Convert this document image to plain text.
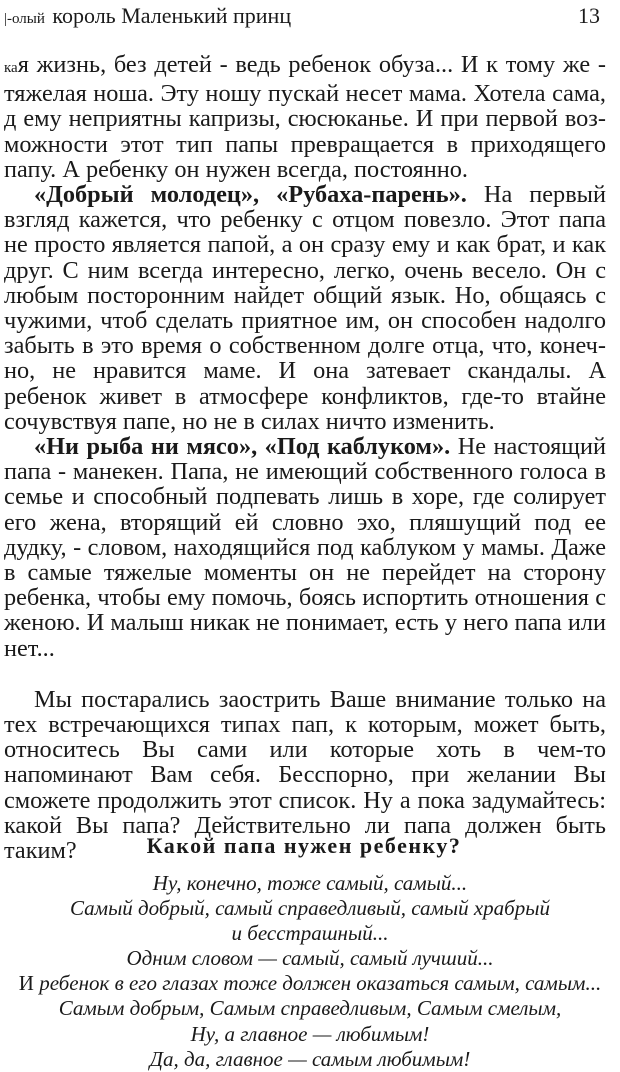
|-олый король Маленький принц	13

кая жизнь, без детей - ведь ребенок обуза... И к тому же - тяжелая ноша. Эту ношу пускай несет мама. Хотела сама, д ему неприятны капризы, сюсюканье. И при первой возможности этот тип папы превращается в приходящего папу. А ребенку он нужен всегда, постоянно.

«Добрый молодец», «Рубаха-парень». На первый взгляд кажется, что ребенку с отцом повезло. Этот папа не просто является папой, а он сразу ему и как брат, и как друг. С ним всегда интересно, легко, очень весело. Он с любым посторонним найдет общий язык. Но, общаясь с чужими, чтоб сделать приятное им, он способен надолго забыть в это время о собственном долге отца, что, конечно, не нравится маме. И она затевает скандалы. А ребенок живет в атмосфере конфликтов, где-то втайне сочувствуя папе, но не в силах ничто изменить.

«Ни рыба ни мясо», «Под каблуком». Не настоящий папа - манекен. Папа, не имеющий собственного голоса в семье и способный подпевать лишь в хоре, где солирует его жена, вторящий ей словно эхо, пляшущий под ее дудку, - словом, находящийся под каблуком у мамы. Даже в самые тяжелые моменты он не перейдет на сторону ребенка, чтобы ему помочь, боясь испортить отношения с женою. И малыш никак не понимает, есть у него папа или нет...

Мы постарались заострить Ваше внимание только на тех встречающихся типах пап, к которым, может быть, относитесь Вы сами или которые хоть в чем-то напоминают Вам себя. Бесспорно, при желании Вы сможете продолжить этот список. Ну а пока задумайтесь: какой Вы папа? Действительно ли папа должен быть таким?	Какой папа нужен ребенку?
Ну, конечно, тоже самый, самый...
Самый добрый, самый справедливый, самый храбрый
и бесстрашный...
Одним словом — самый, самый лучший...
И ребенок в его глазах тоже должен оказаться самым, самым...
Самым добрым, Самым справедливым, Самым смелым,
Ну, а главное — любимым!
Да, да, главное — самым любимым!
